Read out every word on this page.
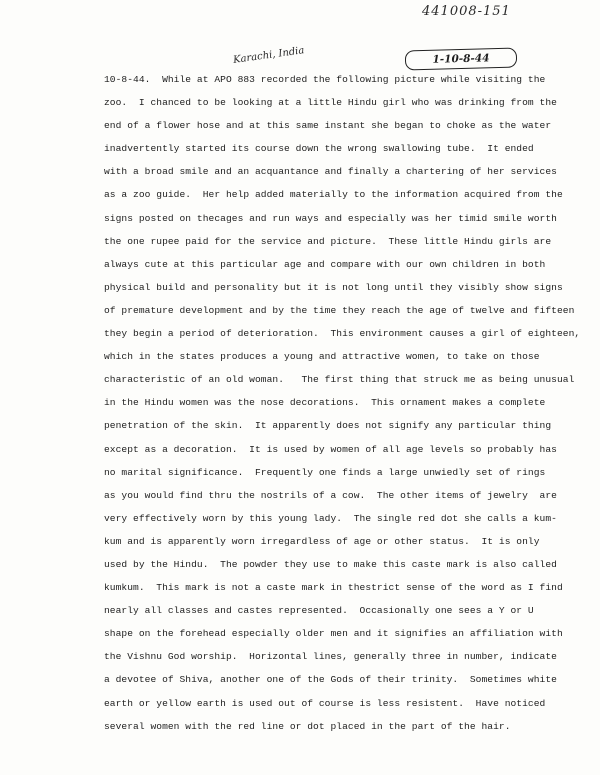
441008-151
Karachi, India	1-10-8-44
10-8-44.  While at APO 883 recorded the following picture while visiting the
zoo.  I chanced to be looking at a little Hindu girl who was drinking from the
end of a flower hose and at this same instant she began to choke as the water
inadvertently started its course down the wrong swallowing tube.  It ended
with a broad smile and an acquantance and finally a chartering of her services
as a zoo guide.  Her help added materially to the information acquired from the
signs posted on thecages and run ways and especially was her timid smile worth
the one rupee paid for the service and picture.  These little Hindu girls are
always cute at this particular age and compare with our own children in both
physical build and personality but it is not long until they visibly show signs
of premature development and by the time they reach the age of twelve and fifteen
they begin a period of deterioration.  This environment causes a girl of eighteen,
which in the states produces a young and attractive women, to take on those
characteristic of an old woman.   The first thing that struck me as being unusual
in the Hindu women was the nose decorations.  This ornament makes a complete
penetration of the skin.  It apparently does not signify any particular thing
except as a decoration.  It is used by women of all age levels so probably has
no marital significance.  Frequently one finds a large unwiedly set of rings
as you would find thru the nostrils of a cow.  The other items of jewelry  are
very effectively worn by this young lady.  The single red dot she calls a kum-
kum and is apparently worn irregardless of age or other status.  It is only
used by the Hindu.  The powder they use to make this caste mark is also called
kumkum.  This mark is not a caste mark in thestrict sense of the word as I find
nearly all classes and castes represented.  Occasionally one sees a Y or U
shape on the forehead especially older men and it signifies an affiliation with
the Vishnu God worship.  Horizontal lines, generally three in number, indicate
a devotee of Shiva, another one of the Gods of their trinity.  Sometimes white
earth or yellow earth is used out of course is less resistent.  Have noticed
several women with the red line or dot placed in the part of the hair.
